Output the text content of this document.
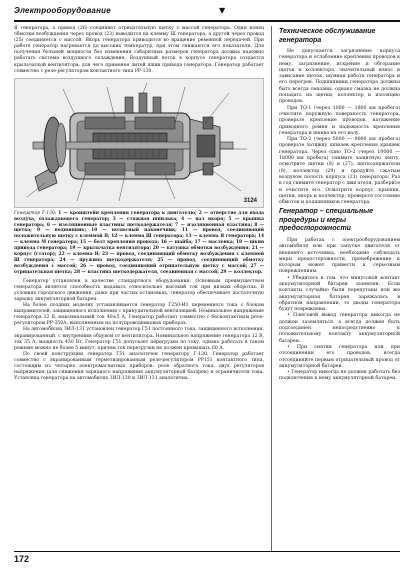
Электрооборудование	▼

Я генератора, а привод (26) соединяет отрицательную щетку с массой генератора. Один конец обмотки возбуждения через провод (23) выводится на клемму Ш генератора, а другой через провод (25) соединяется с массой. Якорь генератора приводится во вращение ременной передачей. При работе генератор нагревается до высоких температур, при этом снижаются его показатели. Для получения большей мощности без изменения габаритных размеров генератора должна надежно работать система воздушного охлаждения. Воздушный поток в корпусе генератора создается крыльчаткой вентилятора, для чего применен литой шкив привода генератора. Генератор работает совместно с реле-регулятором контактного типа РР-130.

3124

Генератор Г-130: 1 — кронштейн крепления генератора к двигателю; 2 — отверстие для входа воздуха, охлаждающего генератор; 3 — стяжная шпилька; 4 — вал якоря; 5 — крышка генератора; 6 — изоляционные пластины щеткодержателя; 7 — изоляционная пластина; 8 — щетка; 9 — подшипник; 10 — полюсный наконечник; 11 — провод, соединяющий положительную щетку с клеммой Я; 12 — клемма Ш генератора; 13 — клемма Я генератора; 14 — клемма М генератора; 15 — болт крепления провода; 16 — шайба; 17 — масленка; 18 — шкив привода генератора; 19 — крыльчатка вентилятора; 20 — катушка обмотки возбуждения; 21 — корпус (статор); 22 — клемма Я; 23 — провод, соединяющий обмотку возбуждения с клеммой Ш генератора; 24 — пружина щеткодержателя; 25 — провод, соединяющий обмотку возбуждения с массой; 26 — провод, соединяющий отрицательную щетку с массой; 27 — отрицательная щетка; 28 — пластина щеткодержателя, соединенная с массой; 29 — коллектор.

Генератор установлен в качестве стандартного оборудования. Основным преимуществом генератора является способность выдавать относительно высокий ток при низких оборотах. В условиях городского движения, даже при частых остановках, генератор обеспечивает достаточную зарядку аккумуляторной батареи.

На более поздних моделях устанавливается генератор Г250-И1 переменного тока с блоком выпрямителей, защищенного исполнения с принудительной вентиляцией. Номинальное напряжение генератора 12 В, максимальный ток 40±5 А. Генератор работает совместно с бесконтактным реле-регулятором РР-350А, выполненным на полупроводниковых приборах.

На автомобилях ЗИЛ-131 установлен генератор Г51 постоянного тока, защищенного исполнения, экранированный, с внутренним обдувом от вентилятора. Номинальное напряжение генератора 12 В, ток 35 А, мощность 450 Вт. Генератор Г51 допускает перегрузки по току, однако работать в таком режиме можно не более 5 минут, причем ток перегрузки не должен превышать 60 А.

По своей конструкции генератор Г51 аналогичен генератору Г-130. Генератор работает совместно с экранированным герметизированным реле-регулятором РР151 контактного типа, состоящим из четырех электромагнитных приборов: реле обратного тока, двух регуляторов напряжения (для снижения зарядного напряжения аккумуляторной батареи) и ограничителя тока. Установка генератора на автомобилях ЗИЛ-130 и ЗИЛ-131 аналогична.

Техническое обслуживание генератора

Не допускается загрязнение корпуса генератора и ослабление крепления проводов к нему, загрязнение, искрение и обгорание щеток и коллектора, значительный износ и зависание щеток, шумная работа генератора и его перегрев. Подшипники генератора должны быть всегда смазаны, однако смазка не должна попадать на щетки, коллектор и изоляцию проводов.

При ТО-1 (через 1000 — 1800 км пробега) очистите наружную поверхность генератора, проверьте крепление проводов, натяжение приводного ремня и надежность крепления генератора и шкива на его валу.

При ТО-2 (через 5000 — 9000 км пробега) проверьте затяжку шпилек крепления крышек генератора. Через одно ТО-2 (через 10000 — 18000 км пробега) снимите защитную ленту, осмотрите щетки (8) и (27), щеткодержатели (8), коллектор (29) и продуйте сжатым воздухом полость корпуса (21) генератора. Раз в год снимите генератор с двигателя, разберите и очистите его. Осмотрите корпус, крышки, щетки, якорь и коллектор; проверьте состояние обмоток и подшипников генератора.

Генератор – специальные процедуры и меры предосторожности

При работах с электрооборудованием автомобиля или при запуске двигателя от внешнего источника, необходимо соблюдать меры предосторожности, пренебрежение к которым может привести к серьезным повреждениям.

• Убедитесь в том, что минусовой контакт аккумуляторной батареи заземлен. Если контакты случайно были перепутаны или же аккумуляторная батарея заряжалась в обратном направлении, то диоды генератора будут повреждены.

• Плюсовой вывод генератора никогда не должен заземляться, а всегда должен быть подсоединен непосредственно к положительному контакту аккумуляторной батареи.

• При снятии генератора или при отсоединении его проводов, всегда отсоединяйте первым отрицательный провод от аккумуляторной батареи.

• Генератор никогда не должен работать без подключения к нему аккумуляторной батареи.

172
